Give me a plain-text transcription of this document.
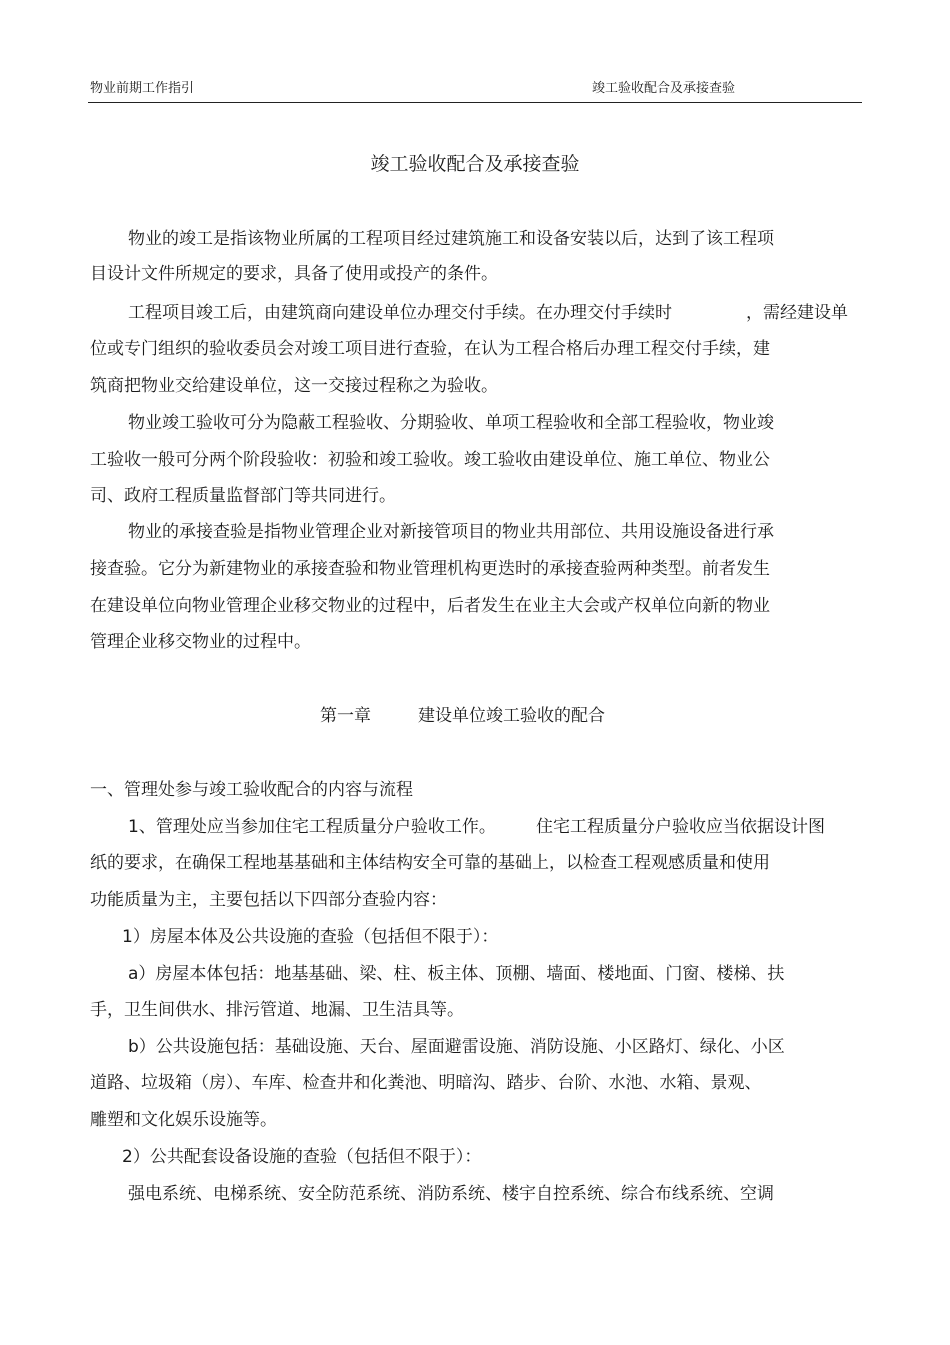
物业前期工作指引	竣工验收配合及承接查验
竣工验收配合及承接查验
物业的竣工是指该物业所属的工程项目经过建筑施工和设备安装以后，达到了该工程项
目设计文件所规定的要求，具备了使用或投产的条件。
工程项目竣工后，由建筑商向建设单位办理交付手续。在办理交付手续时	，需经建设单
位或专门组织的验收委员会对竣工项目进行查验，在认为工程合格后办理工程交付手续，建
筑商把物业交给建设单位，这一交接过程称之为验收。
物业竣工验收可分为隐蔽工程验收、分期验收、单项工程验收和全部工程验收，物业竣
工验收一般可分两个阶段验收：初验和竣工验收。竣工验收由建设单位、施工单位、物业公
司、政府工程质量监督部门等共同进行。
物业的承接查验是指物业管理企业对新接管项目的物业共用部位、共用设施设备进行承
接查验。它分为新建物业的承接查验和物业管理机构更迭时的承接查验两种类型。前者发生
在建设单位向物业管理企业移交物业的过程中，后者发生在业主大会或产权单位向新的物业
管理企业移交物业的过程中。
第一章	建设单位竣工验收的配合
一、管理处参与竣工验收配合的内容与流程
1、管理处应当参加住宅工程质量分户验收工作。 住宅工程质量分户验收应当依据设计图
纸的要求，在确保工程地基基础和主体结构安全可靠的基础上，以检查工程观感质量和使用
功能质量为主，主要包括以下四部分查验内容：
1）房屋本体及公共设施的查验（包括但不限于）：
a）房屋本体包括：地基基础、梁、柱、板主体、顶棚、墙面、楼地面、门窗、楼梯、扶
手，卫生间供水、排污管道、地漏、卫生洁具等。
b）公共设施包括：基础设施、天台、屋面避雷设施、消防设施、小区路灯、绿化、小区
道路、垃圾箱（房）、车库、检查井和化粪池、明暗沟、踏步、台阶、水池、水箱、景观、
雕塑和文化娱乐设施等。
2）公共配套设备设施的查验（包括但不限于）：
强电系统、电梯系统、安全防范系统、消防系统、楼宇自控系统、综合布线系统、空调
